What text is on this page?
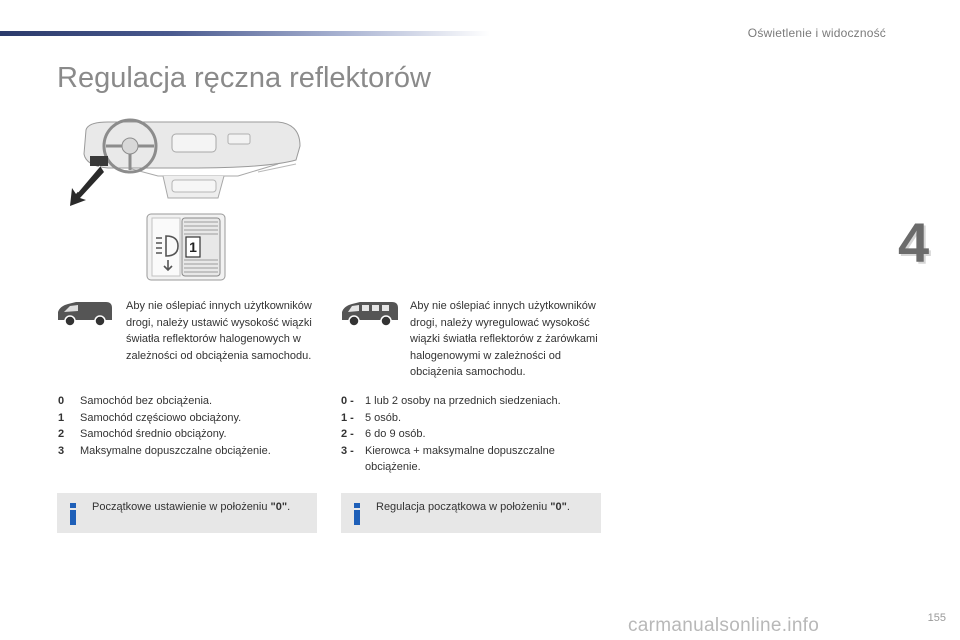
Oświetlenie i widoczność
Regulacja ręczna reflektorów
4
1

Aby nie oślepiać innych użytkowników drogi, należy ustawić wysokość wiązki światła reflektorów halogenowych w zależności od obciążenia samochodu.

0	Samochód bez obciążenia.
1	Samochód częściowo obciążony.
2	Samochód średnio obciążony.
3	Maksymalne dopuszczalne obciążenie.
Początkowe ustawienie w położeniu "0".

Aby nie oślepiać innych użytkowników drogi, należy wyregulować wysokość wiązki światła reflektorów z żarówkami halogenowymi w zależności od obciążenia samochodu.

0 -	1 lub 2 osoby na przednich siedzeniach.
1 -	5 osób.
2 -	6 do 9 osób.
3 -	Kierowca + maksymalne dopuszczalne obciążenie.
Regulacja początkowa w położeniu "0".
carmanualsonline.info	155
